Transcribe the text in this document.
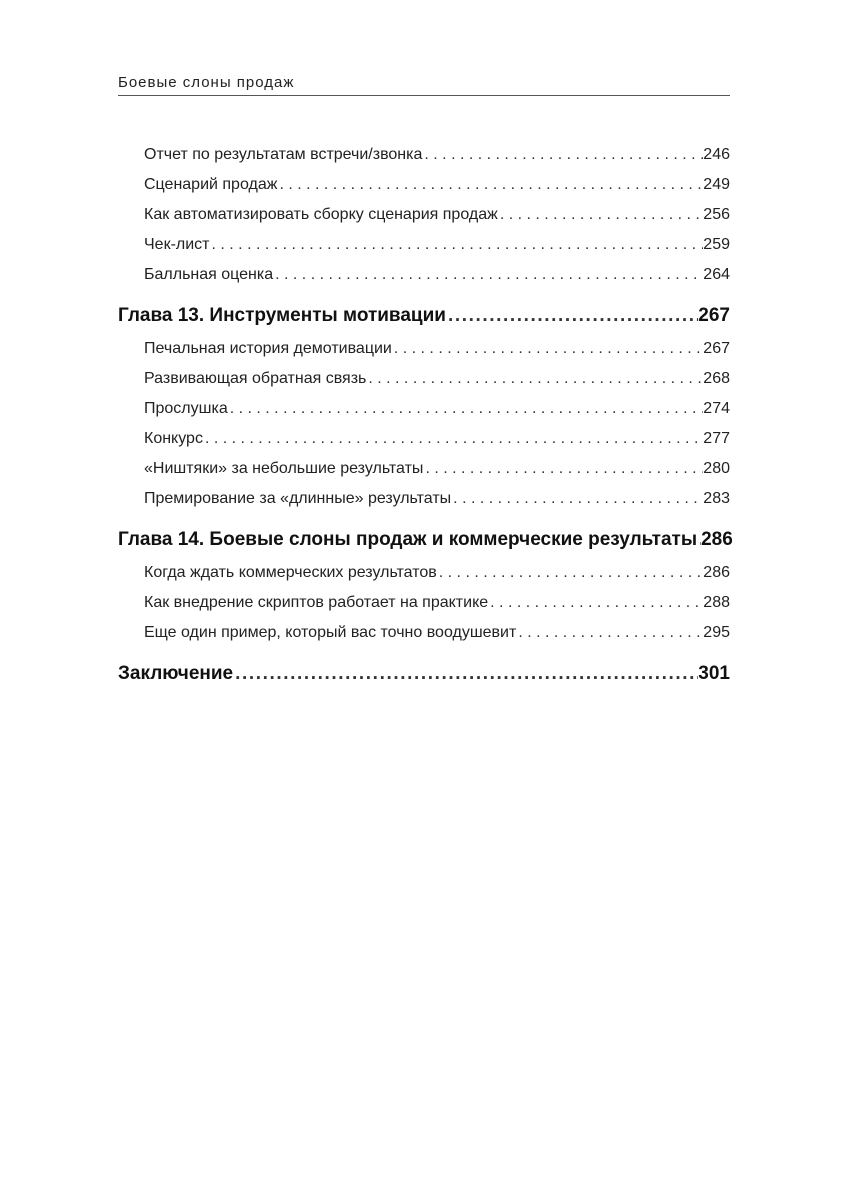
Боевые слоны продаж
Отчет по результатам встречи/звонка . .	246
Сценарий продаж . .	249
Как автоматизировать сборку сценария продаж . .	256
Чек-лист . .	259
Балльная оценка . .	264
Глава 13. Инструменты мотивации .....	267
Печальная история демотивации . .	267
Развивающая обратная связь . .	268
Прослушка . .	274
Конкурс . .	277
«Ништяки» за небольшие результаты . .	280
Премирование за «длинные» результаты . .	283
Глава 14. Боевые слоны продаж и коммерческие результаты ..... 286
Когда ждать коммерческих результатов . .	286
Как внедрение скриптов работает на практике . .	288
Еще один пример, который вас точно воодушевит . .	295
Заключение .....	301
